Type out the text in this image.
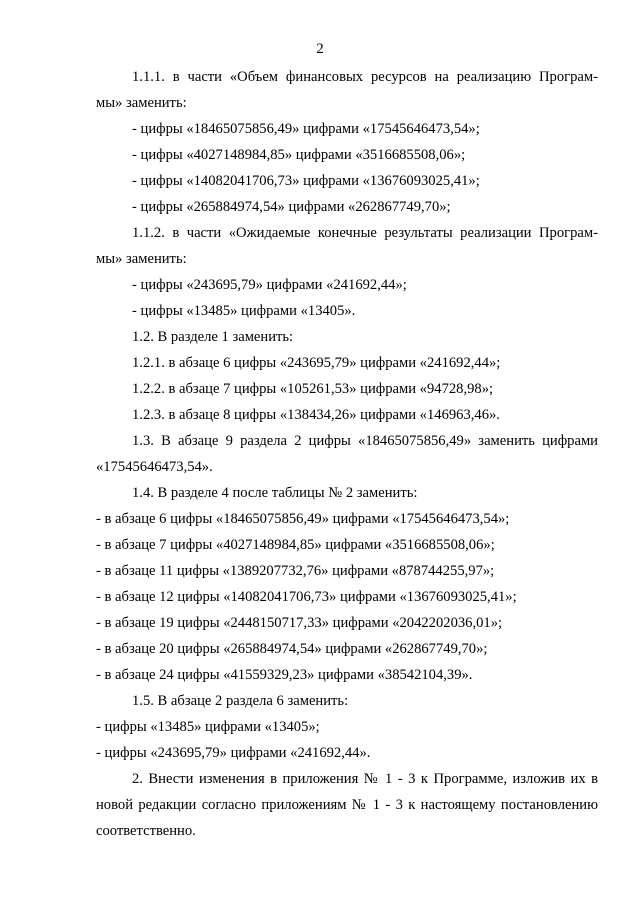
2
1.1.1. в части «Объем финансовых ресурсов на реализацию Програм-
мы» заменить:
- цифры «18465075856,49» цифрами «17545646473,54»;
- цифры «4027148984,85» цифрами «3516685508,06»;
- цифры «14082041706,73» цифрами «13676093025,41»;
- цифры «265884974,54» цифрами «262867749,70»;
1.1.2. в части «Ожидаемые конечные результаты реализации Програм-
мы» заменить:
- цифры «243695,79» цифрами «241692,44»;
- цифры «13485» цифрами «13405».
1.2. В разделе 1 заменить:
1.2.1. в абзаце 6 цифры «243695,79» цифрами «241692,44»;
1.2.2. в абзаце 7 цифры «105261,53» цифрами «94728,98»;
1.2.3. в абзаце 8 цифры «138434,26» цифрами «146963,46».
1.3. В абзаце 9 раздела 2 цифры «18465075856,49» заменить цифрами
«17545646473,54».
1.4. В разделе 4 после таблицы № 2 заменить:
- в абзаце 6 цифры «18465075856,49» цифрами «17545646473,54»;
- в абзаце 7 цифры «4027148984,85» цифрами «3516685508,06»;
- в абзаце 11 цифры «1389207732,76» цифрами «878744255,97»;
- в абзаце 12 цифры «14082041706,73» цифрами «13676093025,41»;
- в абзаце 19 цифры «2448150717,33» цифрами «2042202036,01»;
- в абзаце 20 цифры «265884974,54» цифрами «262867749,70»;
- в абзаце 24 цифры «41559329,23» цифрами «38542104,39».
1.5. В абзаце 2 раздела 6 заменить:
- цифры «13485» цифрами «13405»;
- цифры «243695,79» цифрами «241692,44».
2. Внести изменения в приложения № 1 - 3 к Программе, изложив их в
новой редакции согласно приложениям № 1 - 3 к настоящему постановлению
соответственно.
